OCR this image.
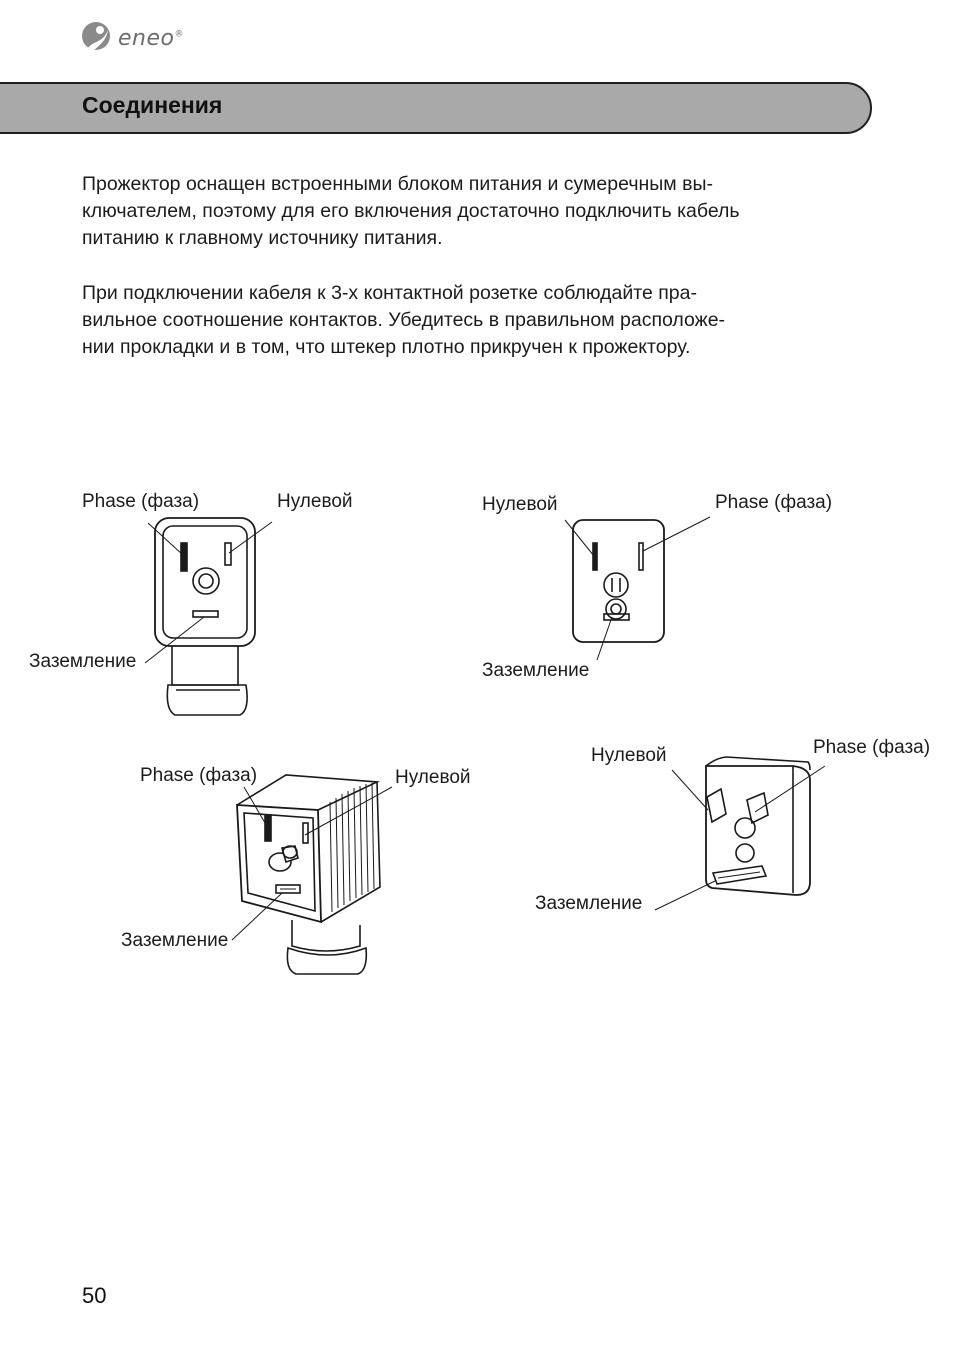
eneo®
Соединения

Прожектор оснащен встроенными блоком питания и сумеречным вы-
ключателем, поэтому для его включения достаточно подключить кабель
питанию к главному источнику питания.

При подключении кабеля к 3-х контактной розетке соблюдайте пра-
вильное соотношение контактов. Убедитесь в правильном расположе-
нии прокладки и в том, что штекер плотно прикручен к прожектору.

Phase (фаза)	Нулевой
Заземление
Нулевой	Phase (фаза)
Заземление
Phase (фаза)	Нулевой
Заземление
Нулевой	Phase (фаза)
Заземление
50
